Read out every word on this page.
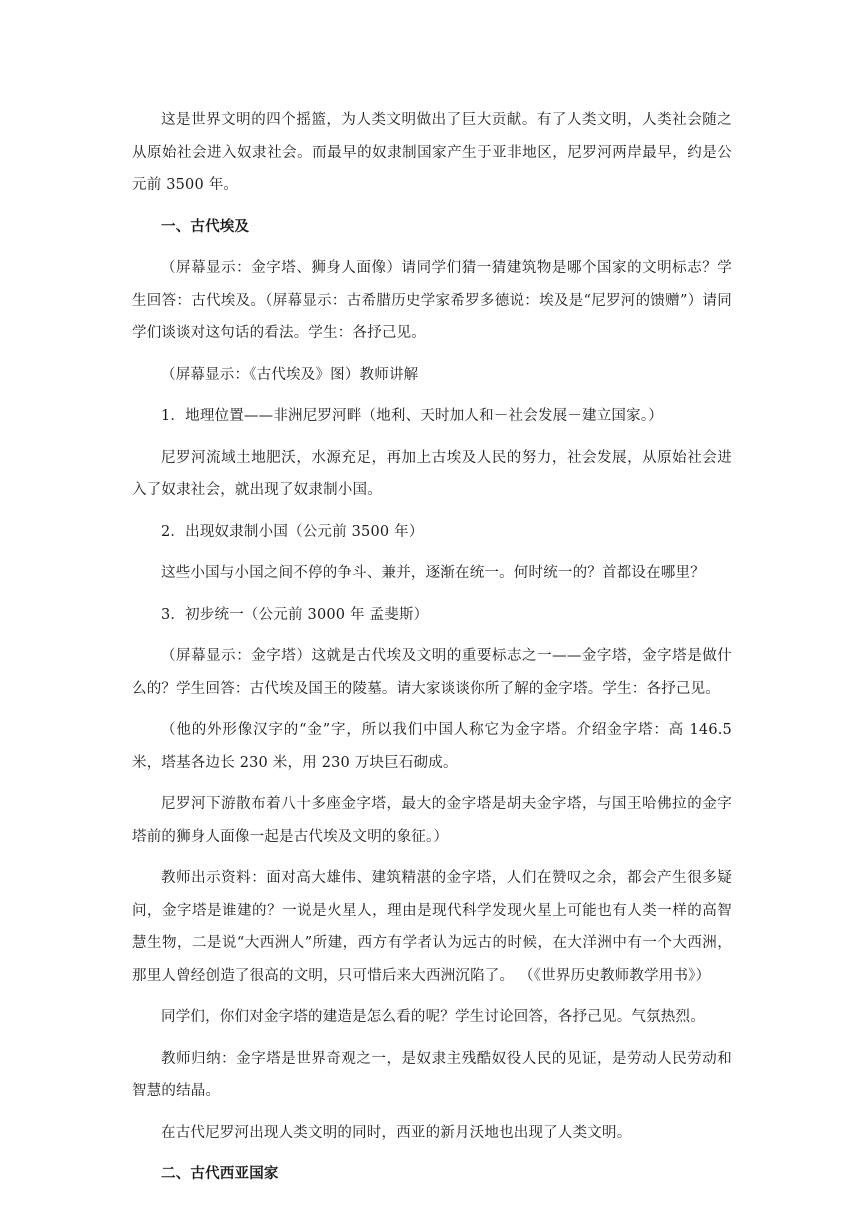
这是世界文明的四个摇篮，为人类文明做出了巨大贡献。有了人类文明，人类社会随之从原始社会进入奴隶社会。而最早的奴隶制国家产生于亚非地区，尼罗河两岸最早，约是公元前 3500 年。

一、古代埃及

（屏幕显示：金字塔、狮身人面像）请同学们猜一猜建筑物是哪个国家的文明标志？学生回答：古代埃及。（屏幕显示：古希腊历史学家希罗多德说：埃及是“尼罗河的馈赠”）请同学们谈谈对这句话的看法。学生：各抒己见。

（屏幕显示：《古代埃及》图）教师讲解

1．地理位置——非洲尼罗河畔（地利、天时加人和－社会发展－建立国家。）

尼罗河流域土地肥沃，水源充足，再加上古埃及人民的努力，社会发展，从原始社会进入了奴隶社会，就出现了奴隶制小国。

2．出现奴隶制小国（公元前 3500 年）

这些小国与小国之间不停的争斗、兼并，逐渐在统一。何时统一的？首都设在哪里？

3．初步统一（公元前 3000 年 孟斐斯）

（屏幕显示：金字塔）这就是古代埃及文明的重要标志之一——金字塔，金字塔是做什么的？学生回答：古代埃及国王的陵墓。请大家谈谈你所了解的金字塔。学生：各抒己见。

（他的外形像汉字的“金”字，所以我们中国人称它为金字塔。介绍金字塔：高 146.5 米，塔基各边长 230 米，用 230 万块巨石砌成。

尼罗河下游散布着八十多座金字塔，最大的金字塔是胡夫金字塔，与国王哈佛拉的金字塔前的狮身人面像一起是古代埃及文明的象征。）

教师出示资料：面对高大雄伟、建筑精湛的金字塔，人们在赞叹之余，都会产生很多疑问，金字塔是谁建的？一说是火星人，理由是现代科学发现火星上可能也有人类一样的高智慧生物，二是说“大西洲人”所建，西方有学者认为远古的时候，在大洋洲中有一个大西洲，那里人曾经创造了很高的文明，只可惜后来大西洲沉陷了。 （《世界历史教师教学用书》）

同学们，你们对金字塔的建造是怎么看的呢？学生讨论回答，各抒己见。气氛热烈。

教师归纳：金字塔是世界奇观之一，是奴隶主残酷奴役人民的见证，是劳动人民劳动和智慧的结晶。

在古代尼罗河出现人类文明的同时，西亚的新月沃地也出现了人类文明。

二、古代西亚国家
